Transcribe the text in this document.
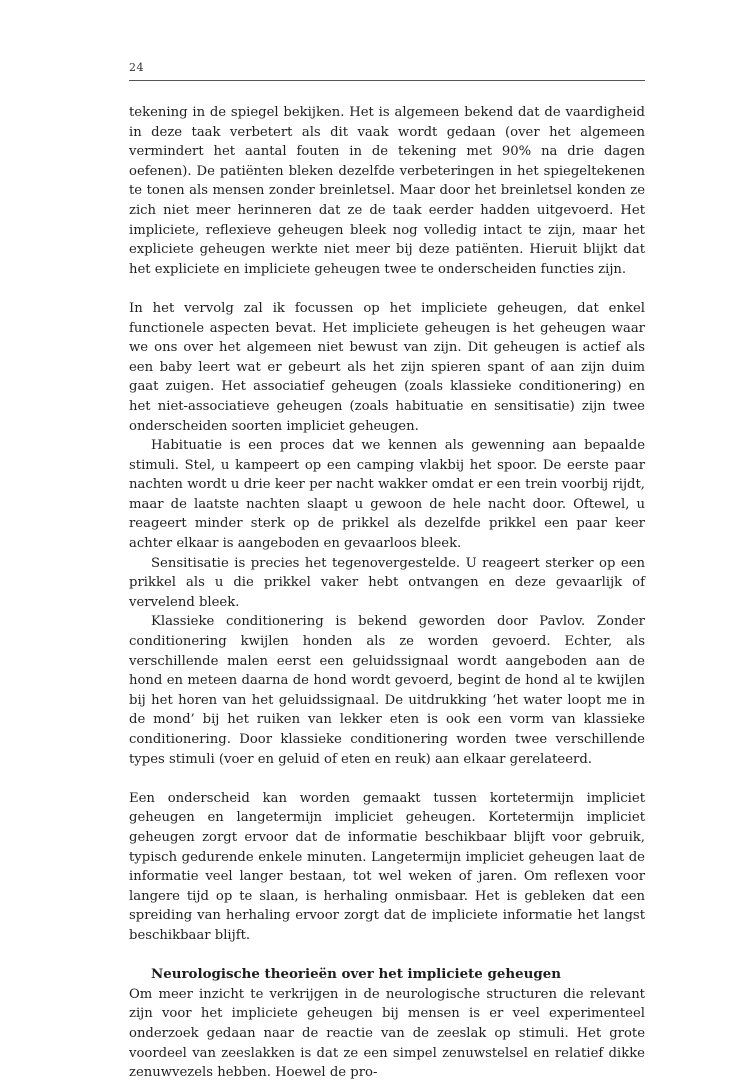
24

tekening in de spiegel bekijken. Het is algemeen bekend dat de vaardigheid in deze taak verbetert als dit vaak wordt gedaan (over het algemeen vermindert het aantal fouten in de tekening met 90% na drie dagen oefenen). De patiënten bleken dezelfde verbeteringen in het spiegeltekenen te tonen als mensen zonder breinletsel. Maar door het breinletsel konden ze zich niet meer herinneren dat ze de taak eerder hadden uitgevoerd. Het impliciete, reflexieve geheugen bleek nog volledig intact te zijn, maar het expliciete geheugen werkte niet meer bij deze patiënten. Hieruit blijkt dat het expliciete en impliciete geheugen twee te onderscheiden functies zijn.

In het vervolg zal ik focussen op het impliciete geheugen, dat enkel functionele aspecten bevat. Het impliciete geheugen is het geheugen waar we ons over het algemeen niet bewust van zijn. Dit geheugen is actief als een baby leert wat er gebeurt als het zijn spieren spant of aan zijn duim gaat zuigen. Het associatief geheugen (zoals klassieke conditionering) en het niet-associatieve geheugen (zoals habituatie en sensitisatie) zijn twee onderscheiden soorten impliciet geheugen.

Habituatie is een proces dat we kennen als gewenning aan bepaalde stimuli. Stel, u kampeert op een camping vlakbij het spoor. De eerste paar nachten wordt u drie keer per nacht wakker omdat er een trein voorbij rijdt, maar de laatste nachten slaapt u gewoon de hele nacht door. Oftewel, u reageert minder sterk op de prikkel als dezelfde prikkel een paar keer achter elkaar is aangeboden en gevaarloos bleek.

Sensitisatie is precies het tegenovergestelde. U reageert sterker op een prikkel als u die prikkel vaker hebt ontvangen en deze gevaarlijk of vervelend bleek.

Klassieke conditionering is bekend geworden door Pavlov. Zonder conditionering kwijlen honden als ze worden gevoerd. Echter, als verschillende malen eerst een geluidssignaal wordt aangeboden aan de hond en meteen daarna de hond wordt gevoerd, begint de hond al te kwijlen bij het horen van het geluidssignaal. De uitdrukking ‘het water loopt me in de mond’ bij het ruiken van lekker eten is ook een vorm van klassieke conditionering. Door klassieke conditionering worden twee verschillende types stimuli (voer en geluid of eten en reuk) aan elkaar gerelateerd.

Een onderscheid kan worden gemaakt tussen kortetermijn impliciet geheugen en langetermijn impliciet geheugen. Kortetermijn impliciet geheugen zorgt ervoor dat de informatie beschikbaar blijft voor gebruik, typisch gedurende enkele minuten. Langetermijn impliciet geheugen laat de informatie veel langer bestaan, tot wel weken of jaren. Om reflexen voor langere tijd op te slaan, is herhaling onmisbaar. Het is gebleken dat een spreiding van herhaling ervoor zorgt dat de impliciete informatie het langst beschikbaar blijft.

Neurologische theorieën over het impliciete geheugen

Om meer inzicht te verkrijgen in de neurologische structuren die relevant zijn voor het impliciete geheugen bij mensen is er veel experimenteel onderzoek gedaan naar de reactie van de zeeslak op stimuli. Het grote voordeel van zeeslakken is dat ze een simpel zenuwstelsel en relatief dikke zenuwvezels hebben. Hoewel de pro-
